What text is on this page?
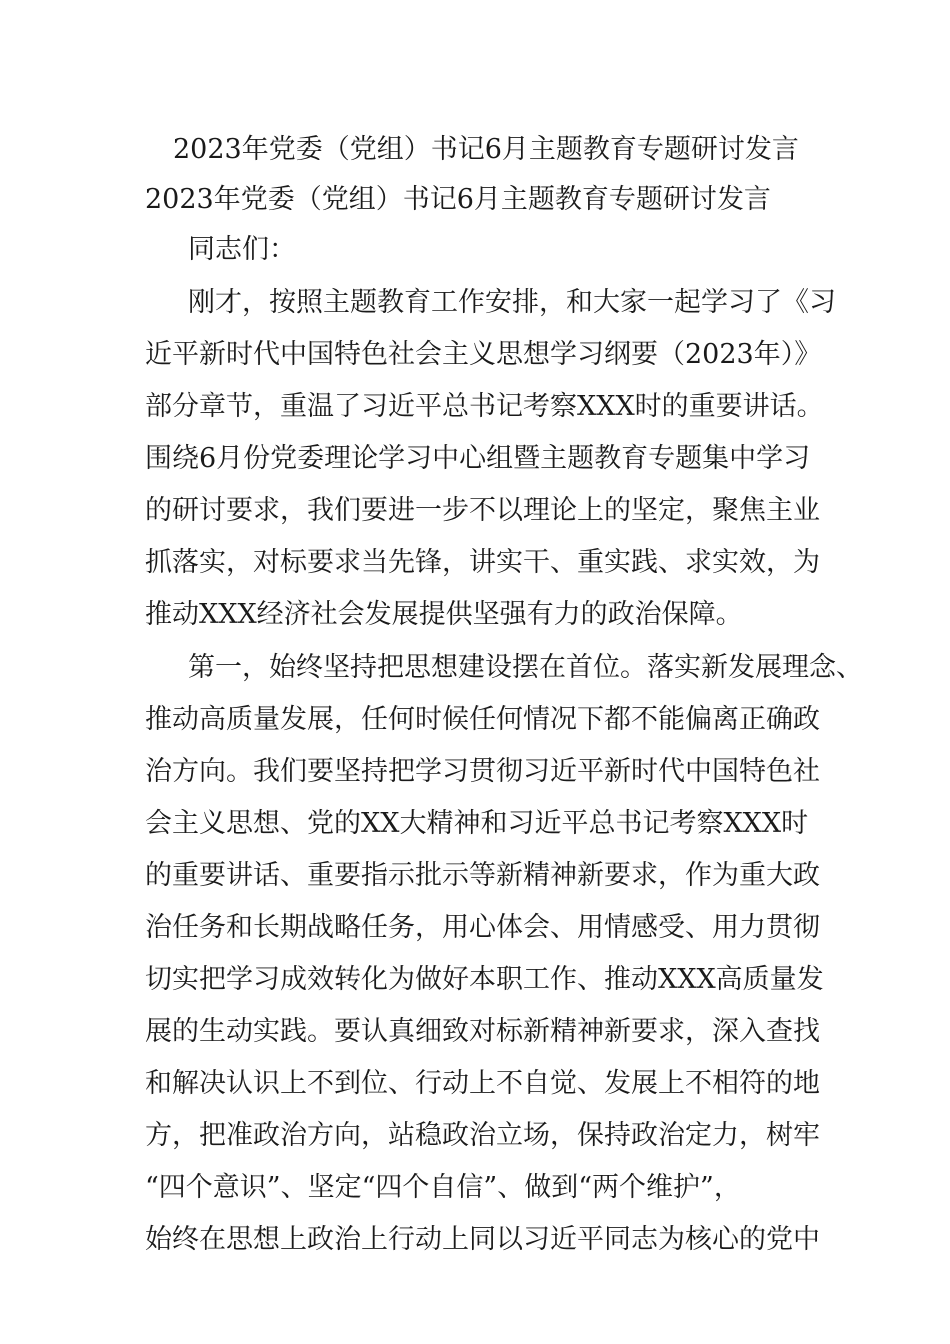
2023年党委（党组）书记6月主题教育专题研讨发言
2023年党委（党组）书记6月主题教育专题研讨发言
同志们：
刚才，按照主题教育工作安排，和大家一起学习了《习
近平新时代中国特色社会主义思想学习纲要（2023年）》
部分章节，重温了习近平总书记考察XXX时的重要讲话。
围绕6月份党委理论学习中心组暨主题教育专题集中学习
的研讨要求，我们要进一步不以理论上的坚定，聚焦主业
抓落实，对标要求当先锋，讲实干、重实践、求实效，为
推动XXX经济社会发展提供坚强有力的政治保障。
第一，始终坚持把思想建设摆在首位。落实新发展理念、
推动高质量发展，任何时候任何情况下都不能偏离正确政
治方向。我们要坚持把学习贯彻习近平新时代中国特色社
会主义思想、党的XX大精神和习近平总书记考察XXX时
的重要讲话、重要指示批示等新精神新要求，作为重大政
治任务和长期战略任务，用心体会、用情感受、用力贯彻
切实把学习成效转化为做好本职工作、推动XXX高质量发
展的生动实践。要认真细致对标新精神新要求，深入查找
和解决认识上不到位、行动上不自觉、发展上不相符的地
方，把准政治方向，站稳政治立场，保持政治定力，树牢
“四个意识”、坚定“四个自信”、做到“两个维护”，
始终在思想上政治上行动上同以习近平同志为核心的党中
